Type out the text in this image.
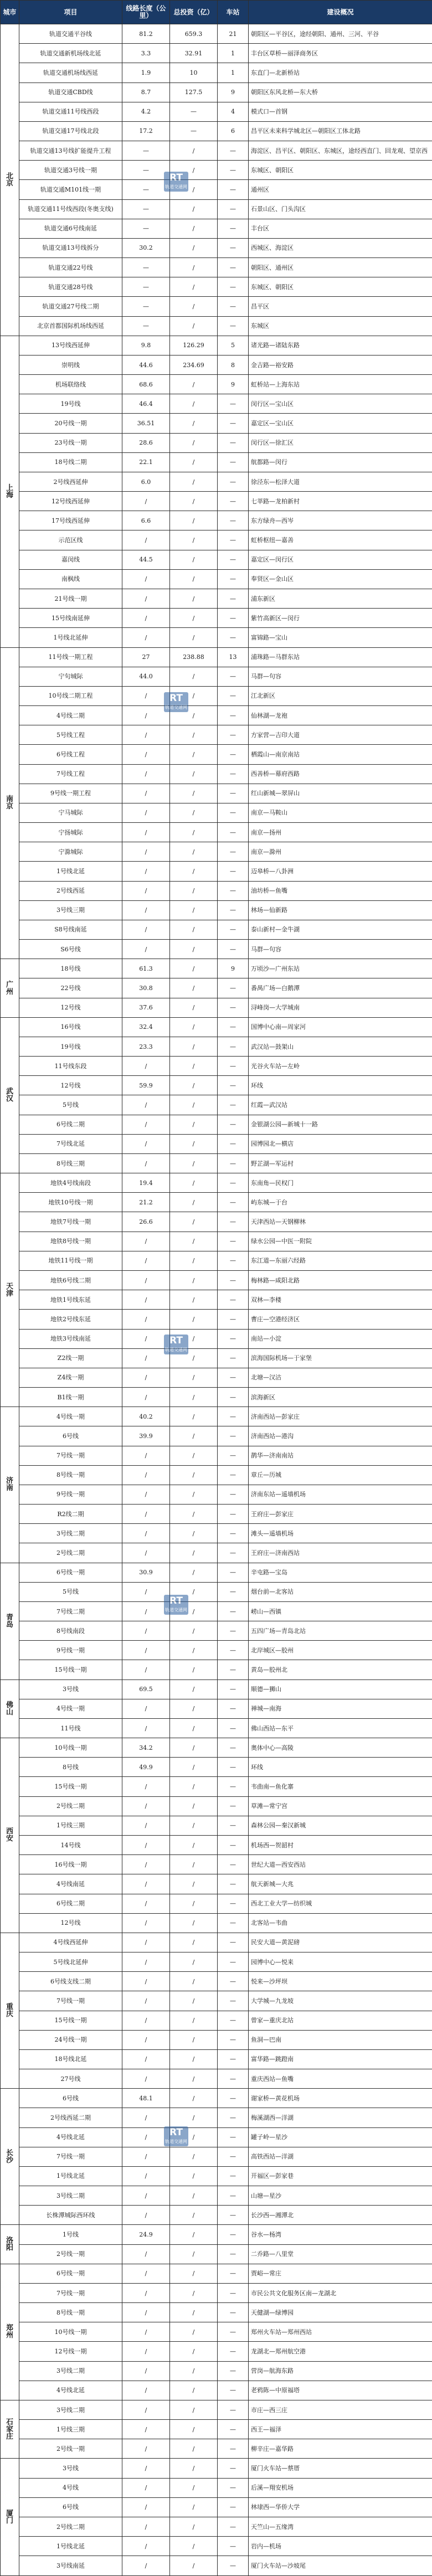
城市	项目	线路长度（公里）	总投资（亿）	车站	建设概况
北京	轨道交通平谷线	81.2	659.3	21	朝阳区—平谷区，途经朝阳、通州、三河、平谷
	轨道交通新机场线北延	3.3	32.91	1	丰台区草桥—丽泽商务区
	轨道交通机场线西延	1.9	10	1	东直门—北新桥站
	轨道交通CBD线	8.7	127.5	9	朝阳区东风北桥—东大桥
	轨道交通11号线西段	4.2	—	4	模式口—首钢
	轨道交通17号线北段	17.2	—	6	昌平区未来科学城北区—朝阳区工体北路
	轨道交通13号线扩能提升工程	—	/	—	海淀区、昌平区、朝阳区、东城区，途经西直门、回龙观、望京西
	轨道交通3号线一期	—	/	—	东城区、朝阳区
	轨道交通M101线一期	—	/	—	通州区
	轨道交通11号线西段(冬奥支线)	—	/	—	石景山区、门头沟区
	轨道交通6号线南延	—	/	—	丰台区
	轨道交通13号线拆分	30.2	/	—	西城区、海淀区
	轨道交通22号线	—	/	—	朝阳区、通州区
	轨道交通28号线	—	/	—	东城区、朝阳区
	轨道交通27号线二期	—	/	—	昌平区
	北京首都国际机场线西延	—	/	—	东城区
上海	13号线西延伸	9.8	126.29	5	诸光路—诸陆东路
	崇明线	44.6	234.69	8	金吉路—裕安路
	机场联络线	68.6	/	9	虹桥站—上海东站
	19号线	46.4	/	—	闵行区—宝山区
	20号线一期	36.51	/	—	嘉定区—宝山区
	23号线一期	28.6	/	—	闵行区—徐汇区
	18号线二期	22.1	/	—	航都路—闵行
	2号线西延伸	6.0	/	—	徐泾东—松泽大道
	12号线西延伸	/	/	—	七莘路—龙柏新村
	17号线西延伸	6.6	/	—	东方绿舟—西岑
	示范区线	/	/	—	虹桥枢纽—嘉善
	嘉闵线	44.5	/	—	嘉定区—闵行区
	南枫线	/	/	—	奉贤区—金山区
	21号线一期	/	/	—	浦东新区
	15号线南延伸	/	/	—	紫竹高新区—闵行
	1号线北延伸	/	/	—	富锦路—宝山
南京	11号线一期工程	27	238.88	13	浦珠路—马群东站
	宁句城际	44.0	/	—	马群—句容
	10号线二期工程	/	/	—	江北新区
	4号线二期	/	/	—	仙林湖—龙袍
	5号线工程	/	/	—	方家营—吉印大道
	6号线工程	/	/	—	栖霞山—南京南站
	7号线工程	/	/	—	西善桥—幕府西路
	9号线一期工程	/	/	—	红山新城—翠屏山
	宁马城际	/	/	—	南京—马鞍山
	宁扬城际	/	/	—	南京—扬州
	宁滁城际	/	/	—	南京—滁州
	1号线北延	/	/	—	迈皋桥—八卦洲
	2号线西延	/	/	—	油坊桥—鱼嘴
	3号线三期	/	/	—	林场—仙新路
	S8号线南延	/	/	—	泰山新村—金牛湖
	S6号线	/	/	—	马群—句容
广州	18号线	61.3	/	9	万顷沙—广州东站
	22号线	30.8	/	—	番禺广场—白鹅潭
	12号线	37.6	/	—	浔峰岗—大学城南
武汉	16号线	32.4	/	—	国博中心南—周家河
	19号线	23.3	/	—	武汉站—鼓架山
	11号线东段	/	/	—	光谷火车站—左岭
	12号线	59.9	/	—	环线
	5号线	/	/	—	红霞—武汉站
	6号线二期	/	/	—	金银湖公园—新城十一路
	7号线北延	/	/	—	园博园北—横店
	8号线三期	/	/	—	野芷湖—军运村
天津	地铁4号线南段	19.4	/	—	东南角—民权门
	地铁10号线一期	21.2	/	—	屿东城—于台
	地铁7号线一期	26.6	/	—	天津西站—天钢柳林
	地铁8号线一期	/	/	—	绿水公园—中医一附院
	地铁11号线一期	/	/	—	东江道—东丽六经路
	地铁6号线二期	/	/	—	梅林路—咸阳北路
	地铁1号线东延	/	/	—	双林—李楼
	地铁2号线东延	/	/	—	曹庄—空港经济区
	地铁3号线南延	/	/	—	南站—小淀
	Z2线一期	/	/	—	滨海国际机场—于家堡
	Z4线一期	/	/	—	北塘—汉沽
	B1线一期	/	/	—	滨海新区
济南	4号线一期	40.2	/	—	济南西站—彭家庄
	6号线	39.9	/	—	济南西站—港沟
	7号线一期	/	/	—	鹊华—济南南站
	8号线一期	/	/	—	章丘—历城
	9号线一期	/	/	—	济南东站—遥墙机场
	R2线二期	/	/	—	王府庄—彭家庄
	3号线二期	/	/	—	滩头—遥墙机场
	2号线二期	/	/	—	王府庄—济南西站
青岛	6号线一期	30.9	/	—	辛屯路—宝岛
	5号线	/	/	—	烟台前—北客站
	7号线二期	/	/	—	崂山—西镇
	8号线南段	/	/	—	五四广场—青岛北站
	9号线一期	/	/	—	北岸城区—胶州
	15号线一期	/	/	—	黄岛—胶州北
佛山	3号线	69.5	/	—	顺德—狮山
	4号线一期	/	/	—	禅城—南海
	11号线	/	/	—	佛山西站—东平
西安	10号线一期	34.2	/	—	奥体中心—高陵
	8号线	49.9	/	—	环线
	15号线一期	/	/	—	韦曲南—鱼化寨
	2号线二期	/	/	—	草滩—常宁宫
	1号线三期	/	/	—	森林公园—秦汉新城
	14号线	/	/	—	机场西—贺韶村
	16号线一期	/	/	—	世纪大道—西安西站
	4号线南延	/	/	—	航天新城—大兆
	6号线二期	/	/	—	西北工业大学—纺织城
	12号线	/	/	—	北客站—韦曲
重庆	4号线西延伸	/	/	—	民安大道—黄泥磅
	5号线北延伸	/	/	—	园博中心—悦来
	6号线支线二期	/	/	—	悦来—沙坪坝
	7号线一期	/	/	—	大学城—九龙坡
	15号线一期	/	/	—	曾家—重庆北站
	24号线一期	/	/	—	鱼洞—巴南
	18号线北延	/	/	—	富华路—跳蹬南
	27号线	/	/	—	重庆西站—鱼嘴
长沙	6号线	48.1	/	—	谢家桥—黄花机场
	2号线西延二期	/	/	—	梅溪湖西—洋湖
	4号线北延	/	/	—	罐子岭—星沙
	7号线一期	/	/	—	高铁西站—洋湖
	1号线北延	/	/	—	开福区—彭家巷
	3号线二期	/	/	—	山塘—星沙
	长株潭城际西环线	/	/	—	长沙西—湘潭北
洛阳	1号线	24.9	/	—	谷水—杨湾
	2号线一期	/	/	—	二乔路—八里堂
郑州	6号线一期	/	/	—	贾峪—常庄
	7号线一期	/	/	—	市民公共文化服务区南—龙湖北
	8号线一期	/	/	—	天健湖—绿博园
	10号线一期	/	/	—	郑州火车站—郑州西站
	12号线一期	/	/	—	龙湖北—郑州航空港
	3号线二期	/	/	—	营岗—航海东路
	4号线北延	/	/	—	老鸦陈—中原福塔
石家庄	3号线二期	/	/	—	市庄—西三庄
	1号线三期	/	/	—	西王—福泽
	2号线一期	/	/	—	柳辛庄—嘉华路
厦门	3号线	/	/	—	厦门火车站—蔡厝
	4号线	/	/	—	后溪—翔安机场
	6号线	/	/	—	林埭西—华侨大学
	2号线二期	/	/	—	天竺山—五缘湾
	1号线北延	/	/	—	岩内—机场
	3号线南延	/	/	—	厦门火车站—沙坡尾
RT
轨道交通网
RT
轨道交通网
RT
轨道交通网
RT
轨道交通网
RT
轨道交通网
